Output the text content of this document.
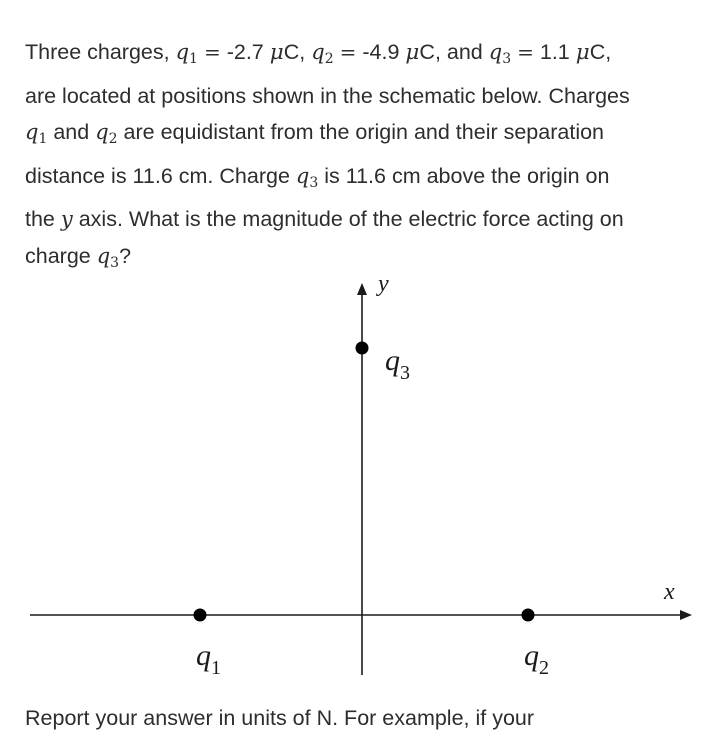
Three charges, q1 = -2.7 μC, q2 = -4.9 μC, and q3 = 1.1 μC,

are located at positions shown in the schematic below. Charges

q1 and q2 are equidistant from the origin and their separation

distance is 11.6 cm. Charge q3 is 11.6 cm above the origin on

the y axis. What is the magnitude of the electric force acting on

charge q3?

y
x
$q_3$
$q_1$	$q_2$

Report your answer in units of N. For example, if your
